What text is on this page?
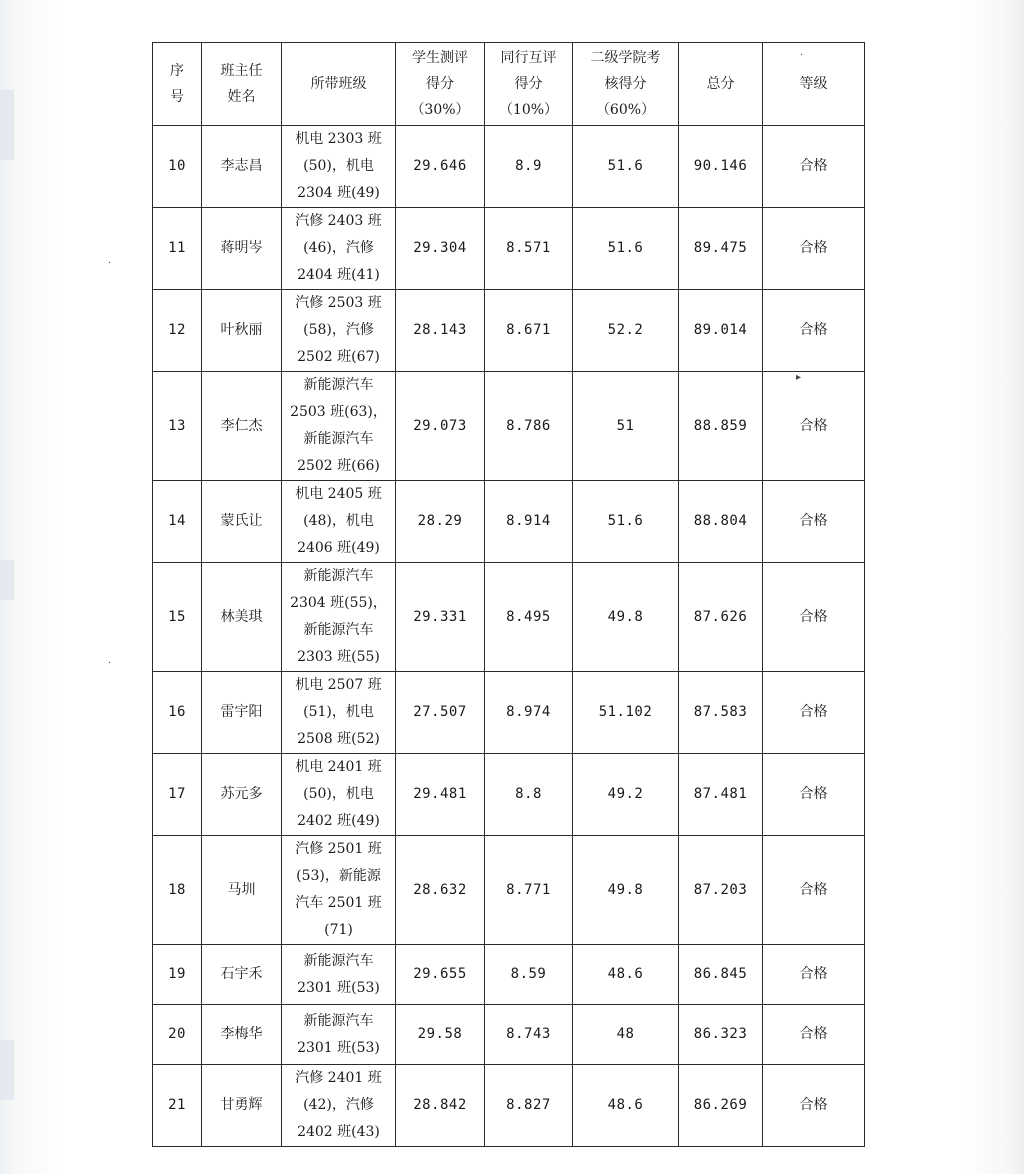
·
▸
·
·
序
号	班主任
姓名	所带班级	学生测评
得分
（30%）	同行互评
得分
（10%）	二级学院考
核得分
（60%）	总分	等级
10	李志昌	机电 2303 班
(50)，机电
2304 班(49)	29.646	8.9	51.6	90.146	合格
11	蒋明岑	汽修 2403 班
(46)，汽修
2404 班(41)	29.304	8.571	51.6	89.475	合格
12	叶秋丽	汽修 2503 班
(58)，汽修
2502 班(67)	28.143	8.671	52.2	89.014	合格
13	李仁杰	新能源汽车
2503 班(63)，
新能源汽车
2502 班(66)	29.073	8.786	51	88.859	合格
14	蒙氏让	机电 2405 班
(48)，机电
2406 班(49)	28.29	8.914	51.6	88.804	合格
15	林美琪	新能源汽车
2304 班(55)，
新能源汽车
2303 班(55)	29.331	8.495	49.8	87.626	合格
16	雷宇阳	机电 2507 班
(51)，机电
2508 班(52)	27.507	8.974	51.102	87.583	合格
17	苏元多	机电 2401 班
(50)，机电
2402 班(49)	29.481	8.8	49.2	87.481	合格
18	马圳	汽修 2501 班
(53)，新能源
汽车 2501 班
(71)	28.632	8.771	49.8	87.203	合格
19	石宇禾	新能源汽车
2301 班(53)	29.655	8.59	48.6	86.845	合格
20	李梅华	新能源汽车
2301 班(53)	29.58	8.743	48	86.323	合格
21	甘勇辉	汽修 2401 班
(42)，汽修
2402 班(43)	28.842	8.827	48.6	86.269	合格
